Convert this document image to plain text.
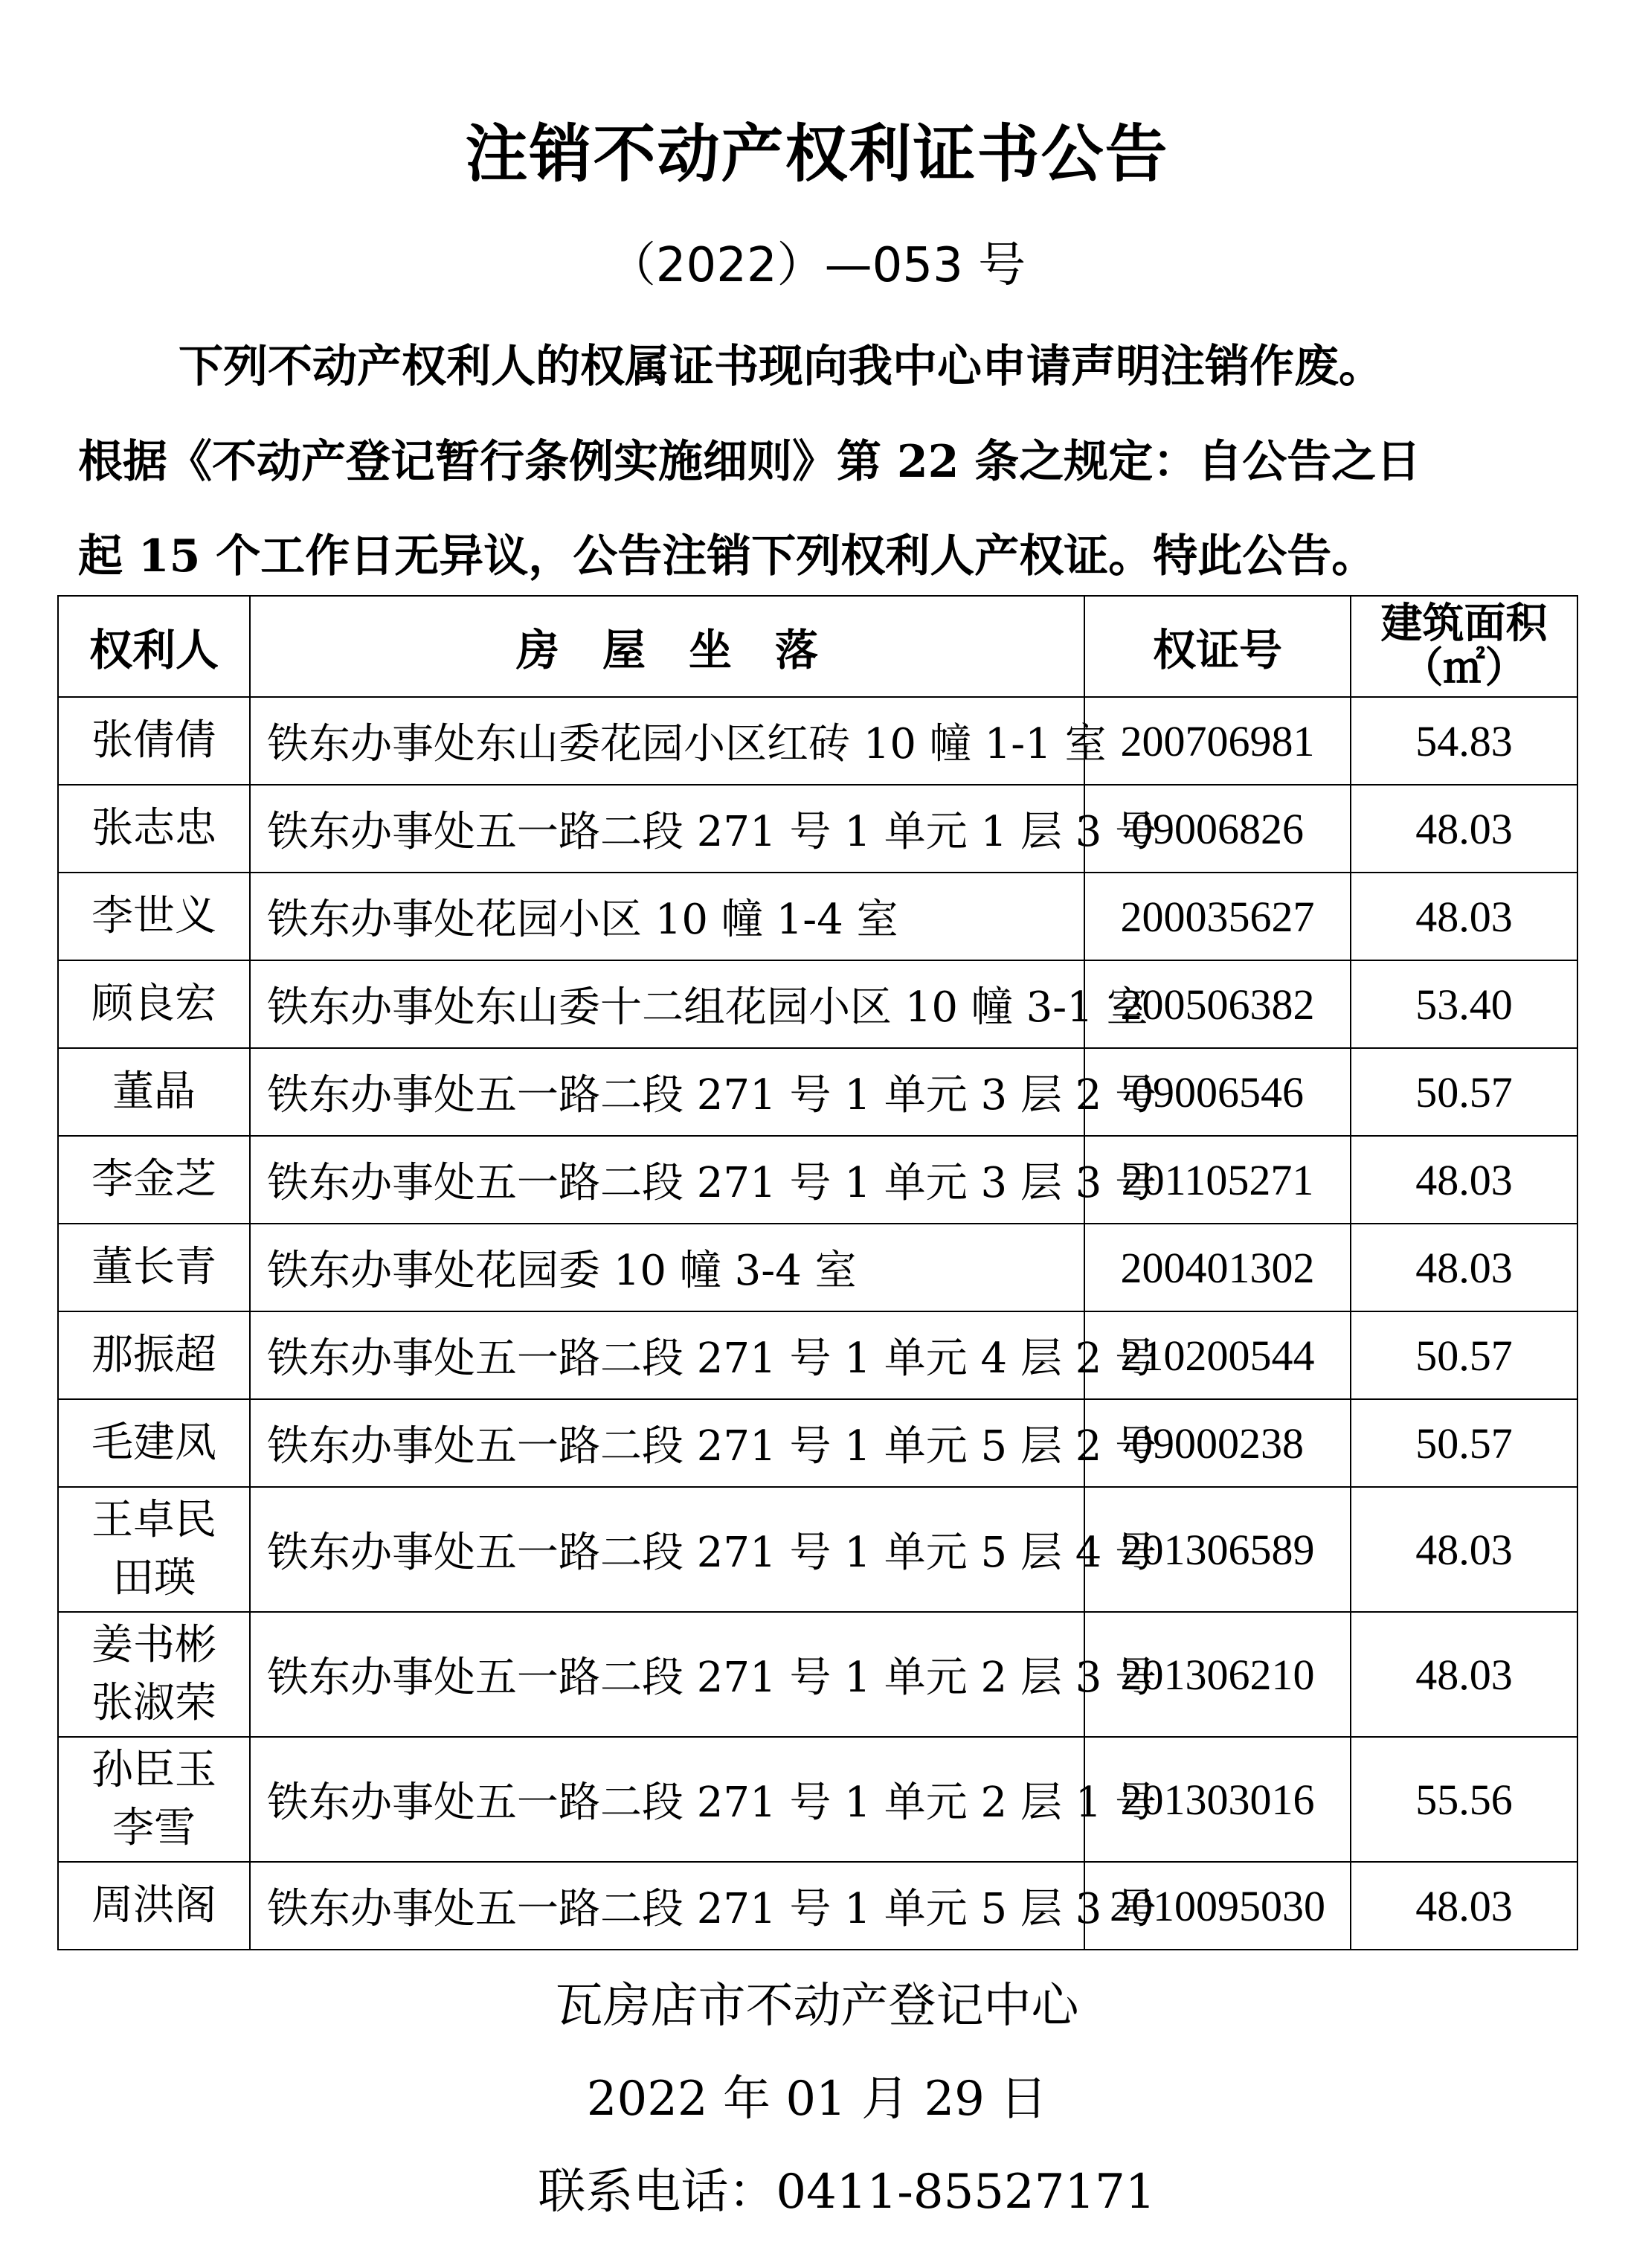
注销不动产权利证书公告
（2022）—053 号
下列不动产权利人的权属证书现向我中心申请声明注销作废。
根据《不动产登记暂行条例实施细则》第 22 条之规定：自公告之日
起 15 个工作日无异议，公告注销下列权利人产权证。特此公告。
权利人	房　屋　坐　落	权证号	建筑面积
（㎡）

张倩倩	铁东办事处东山委花园小区红砖 10 幢 1-1 室	200706981	54.83

张志忠	铁东办事处五一路二段 271 号 1 单元 1 层 3 号	09006826	48.03

李世义	铁东办事处花园小区 10 幢 1-4 室	200035627	48.03

顾良宏	铁东办事处东山委十二组花园小区 10 幢 3-1 室	200506382	53.40

董晶	铁东办事处五一路二段 271 号 1 单元 3 层 2 号	09006546	50.57

李金芝	铁东办事处五一路二段 271 号 1 单元 3 层 3 号	201105271	48.03

董长青	铁东办事处花园委 10 幢 3-4 室	200401302	48.03

那振超	铁东办事处五一路二段 271 号 1 单元 4 层 2 号	210200544	50.57

毛建凤	铁东办事处五一路二段 271 号 1 单元 5 层 2 号	09000238	50.57

王卓民
田瑛	铁东办事处五一路二段 271 号 1 单元 5 层 4 号	201306589	48.03

姜书彬
张淑荣	铁东办事处五一路二段 271 号 1 单元 2 层 3 号	201306210	48.03

孙臣玉
李雪	铁东办事处五一路二段 271 号 1 单元 2 层 1 号	201303016	55.56

周洪阁	铁东办事处五一路二段 271 号 1 单元 5 层 3 号	2010095030	48.03
瓦房店市不动产登记中心
2022 年 01 月 29 日
联系电话：0411-85527171
